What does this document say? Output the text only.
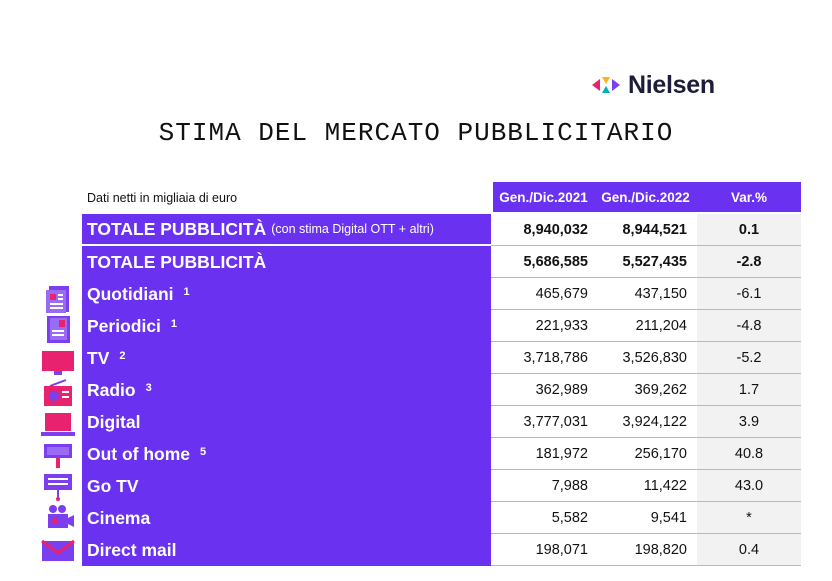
Nielsen
STIMA DEL MERCATO PUBBLICITARIO
Dati netti in migliaia di euro	Gen./Dic.2021 Gen./Dic.2022	Var.%
TOTALE PUBBLICITÀ (con stima Digital OTT + altri)	8,940,032	8,944,521	0.1
TOTALE PUBBLICITÀ	5,686,585	5,527,435	-2.8
Quotidiani 1	465,679	437,150	-6.1
Periodici 1	221,933	211,204	-4.8
TV 2	3,718,786	3,526,830	-5.2
Radio 3	362,989	369,262	1.7
Digital	3,777,031	3,924,122	3.9
Out of home 5	181,972	256,170	40.8
Go TV	7,988	11,422	43.0
Cinema	5,582	9,541	*
Direct mail	198,071	198,820	0.4
